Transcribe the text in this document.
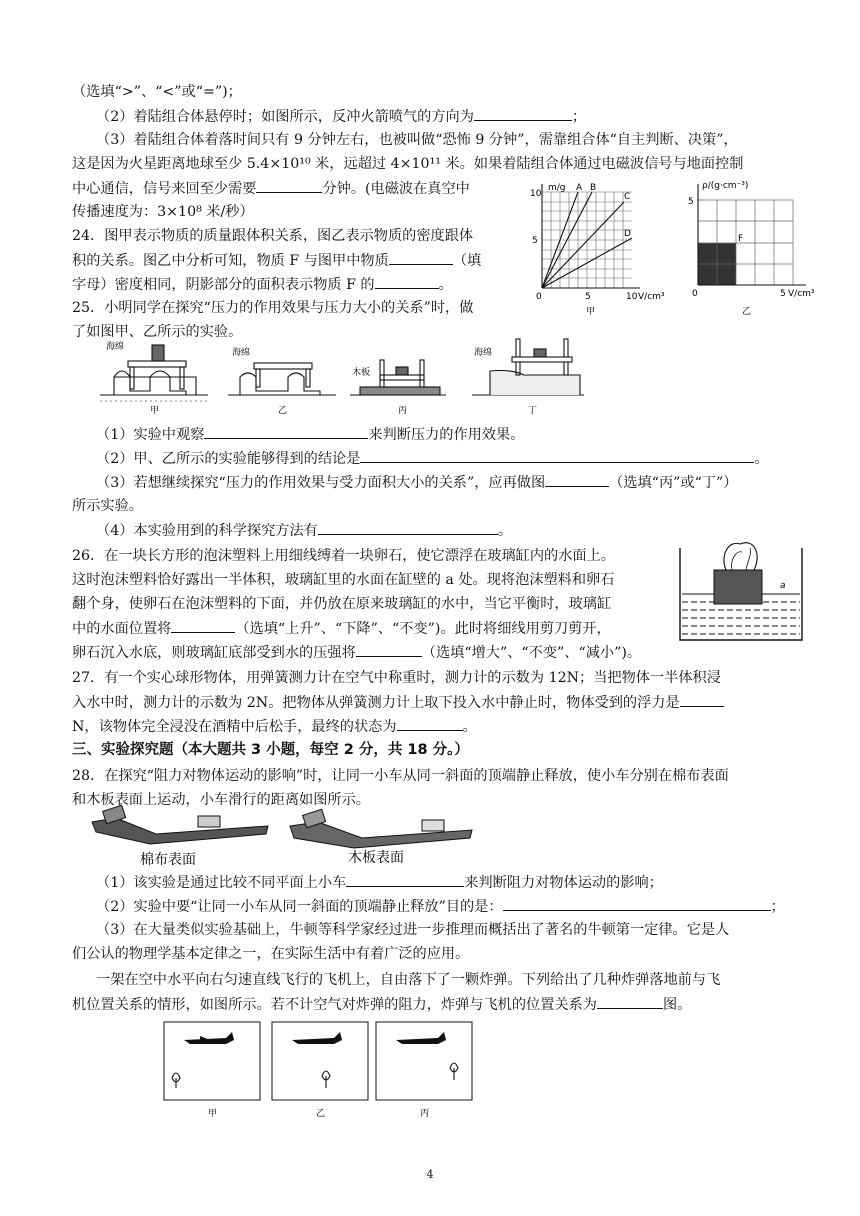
（选填“>”、“<”或“=”)；
（2）着陆组合体悬停时；如图所示，反冲火箭喷气的方向为	；
（3）着陆组合体着落时间只有 9 分钟左右，也被叫做“恐怖 9 分钟”，需靠组合体“自主判断、决策”，
这是因为火星距离地球至少 5.4×10¹⁰ 米，远超过 4×10¹¹ 米。如果着陆组合体通过电磁波信号与地面控制
中心通信，信号来回至少需要	分钟。(电磁波在真空中
传播速度为：3×10⁸ 米/秒）
24．图甲表示物质的质量跟体积关系，图乙表示物质的密度跟体
积的关系。图乙中分析可知，物质 F 与图甲中物质	（填
字母）密度相同，阴影部分的面积表示物质 F 的	。
m/g A B
C
D
10
5
0	5	10 V/cm³
甲
ρ/(g·cm⁻³)
5
F
0	5 V/cm³
乙
25．小明同学在探究“压力的作用效果与压力大小的关系”时，做
了如图甲、乙所示的实验。
海绵
甲
海绵
乙
木板
丙
海绵
丁
（1）实验中观察	来判断压力的作用效果。
（2）甲、乙所示的实验能够得到的结论是	。
（3）若想继续探究“压力的作用效果与受力面积大小的关系”，应再做图	（选填“丙”或“丁”）
所示实验。
（4）本实验用到的科学探究方法有	。
26．在一块长方形的泡沫塑料上用细线缚着一块卵石，使它漂浮在玻璃缸内的水面上。
这时泡沫塑料恰好露出一半体积，玻璃缸里的水面在缸壁的 a 处。现将泡沫塑料和卵石
翻个身，使卵石在泡沫塑料的下面，并仍放在原来玻璃缸的水中，当它平衡时，玻璃缸
中的水面位置将	（选填“上升”、“下降”、“不变”)。此时将细线用剪刀剪开，
卵石沉入水底，则玻璃缸底部受到水的压强将	（选填“增大”、“不变”、“减小”)。
a
27．有一个实心球形物体，用弹簧测力计在空气中称重时，测力计的示数为 12N；当把物体一半体积浸
入水中时，测力计的示数为 2N。把物体从弹簧测力计上取下投入水中静止时，物体受到的浮力是
N，该物体完全浸没在酒精中后松手，最终的状态为	。
三、实验探究题（本大题共 3 小题，每空 2 分，共 18 分。）
28．在探究“阻力对物体运动的影响”时，让同一小车从同一斜面的顶端静止释放，使小车分别在棉布表面
和木板表面上运动，小车滑行的距离如图所示。
棉布表面	木板表面
（1）该实验是通过比较不同平面上小车	来判断阻力对物体运动的影响；
（2）实验中要“让同一小车从同一斜面的顶端静止释放”目的是：	；
（3）在大量类似实验基础上，牛顿等科学家经过进一步推理而概括出了著名的牛顿第一定律。它是人
们公认的物理学基本定律之一，在实际生活中有着广泛的应用。
一架在空中水平向右匀速直线飞行的飞机上，自由落下了一颗炸弹。下列给出了几种炸弹落地前与飞
机位置关系的情形，如图所示。若不计空气对炸弹的阻力，炸弹与飞机的位置关系为	图。
甲	乙	丙
4
